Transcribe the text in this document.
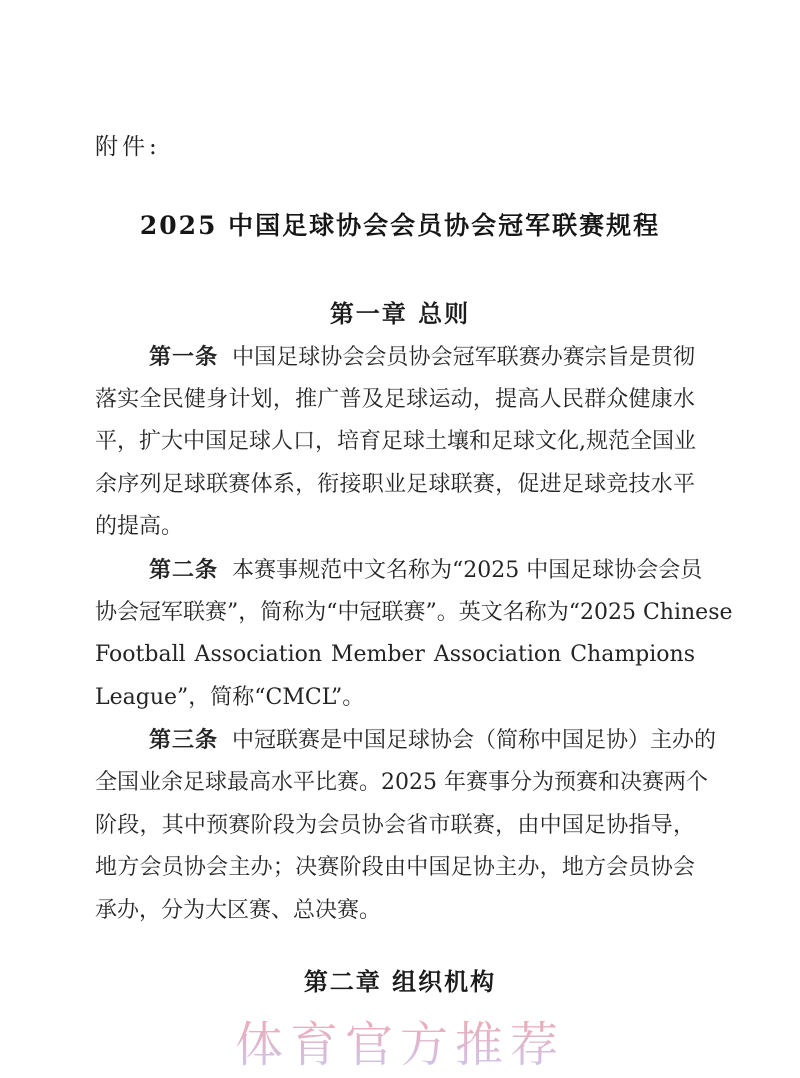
附件:
2025 中国足球协会会员协会冠军联赛规程
第一章 总则
第一条 中国足球协会会员协会冠军联赛办赛宗旨是贯彻
落实全民健身计划，推广普及足球运动，提高人民群众健康水
平，扩大中国足球人口，培育足球土壤和足球文化,规范全国业
余序列足球联赛体系，衔接职业足球联赛，促进足球竞技水平
的提高。
第二条 本赛事规范中文名称为“2025 中国足球协会会员
协会冠军联赛”，简称为“中冠联赛”。英文名称为“2025 Chinese
Football Association Member Association Champions
League”，简称“CMCL”。
第三条 中冠联赛是中国足球协会（简称中国足协）主办的
全国业余足球最高水平比赛。2025 年赛事分为预赛和决赛两个
阶段，其中预赛阶段为会员协会省市联赛，由中国足协指导，
地方会员协会主办；决赛阶段由中国足协主办，地方会员协会
承办，分为大区赛、总决赛。
第二章 组织机构
体育官方推荐
